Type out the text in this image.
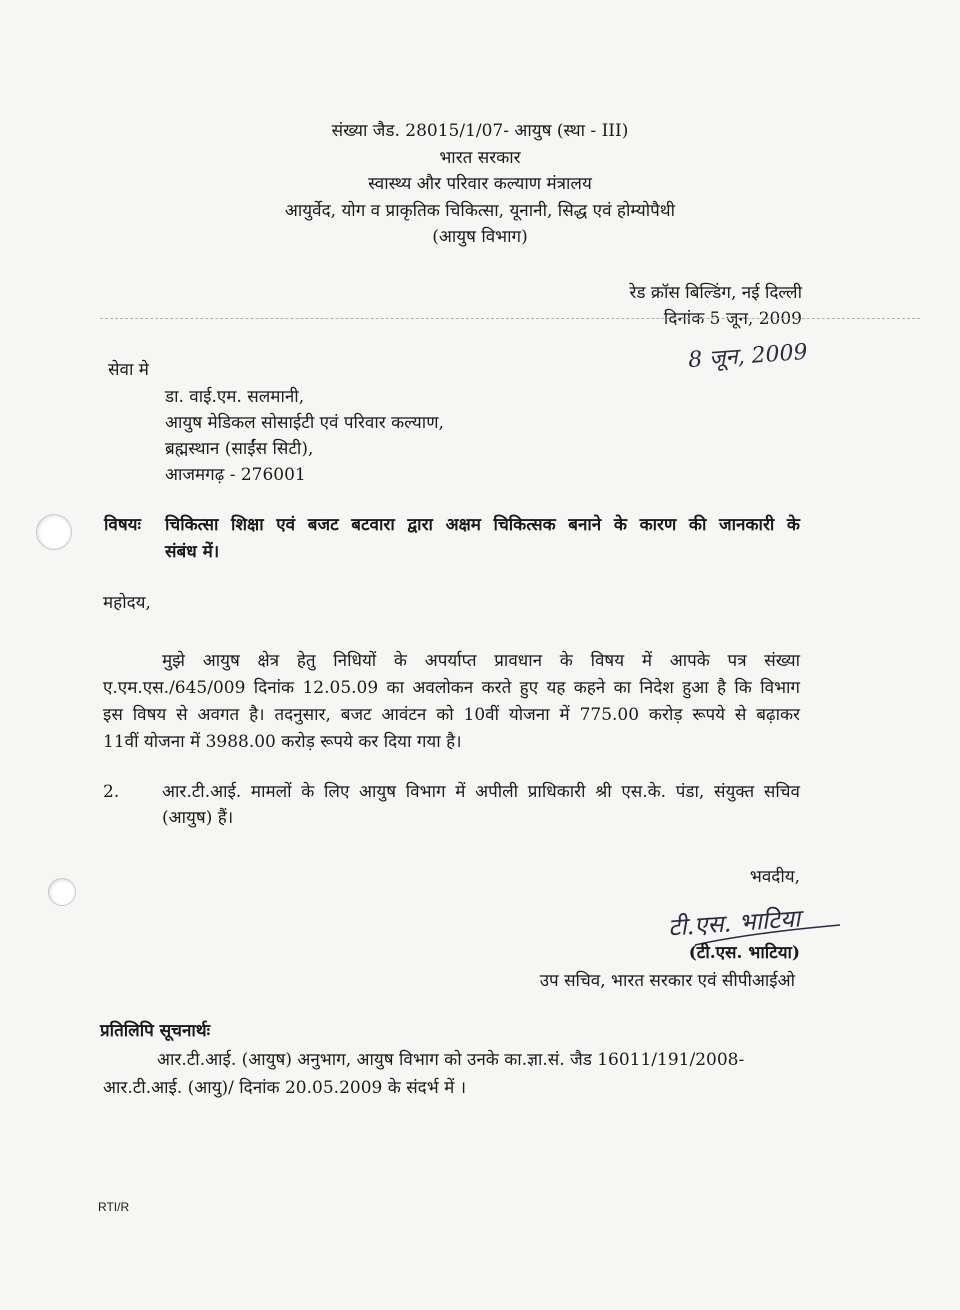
संख्या जैड. 28015/1/07- आयुष (स्था - III)
भारत सरकार
स्वास्थ्य और परिवार कल्याण मंत्रालय
आयुर्वेद, योग व प्राकृतिक चिकित्सा, यूनानी, सिद्ध एवं होम्योपैथी
(आयुष विभाग)
रेड क्रॉस बिल्डिंग, नई दिल्ली
दिनांक 5 जून, 2009
8 जून, 2009
सेवा मे
डा. वाई.एम. सलमानी,
आयुष मेडिकल सोसाईटी एवं परिवार कल्याण,
ब्रह्मस्थान (साईंस सिटी),
आजमगढ़ - 276001
विषयः चिकित्सा शिक्षा एवं बजट बटवारा द्वारा अक्षम चिकित्सक बनाने के कारण की जानकारी के
संबंध में।
महोदय,
मुझे आयुष क्षेत्र हेतु निधियों के अपर्याप्त प्रावधान के विषय में आपके पत्र संख्या
ए.एम.एस./645/009 दिनांक 12.05.09 का अवलोकन करते हुए यह कहने का निदेश हुआ है कि विभाग
इस विषय से अवगत है। तदनुसार, बजट आवंटन को 10वीं योजना में 775.00 करोड़ रूपये से बढ़ाकर
11वीं योजना में 3988.00 करोड़ रूपये कर दिया गया है।
2.	आर.टी.आई. मामलों के लिए आयुष विभाग में अपीली प्राधिकारी श्री एस.के. पंडा, संयुक्त सचिव
(आयुष) हैं।
भवदीय,
टी.एस. भाटिया
(टी.एस. भाटिया)
उप सचिव, भारत सरकार एवं सीपीआईओ
प्रतिलिपि सूचनार्थः
आर.टी.आई. (आयुष) अनुभाग, आयुष विभाग को उनके का.ज्ञा.सं. जैड 16011/191/2008-
आर.टी.आई. (आयु)/ दिनांक 20.05.2009 के संदर्भ में ।
RTI/R
